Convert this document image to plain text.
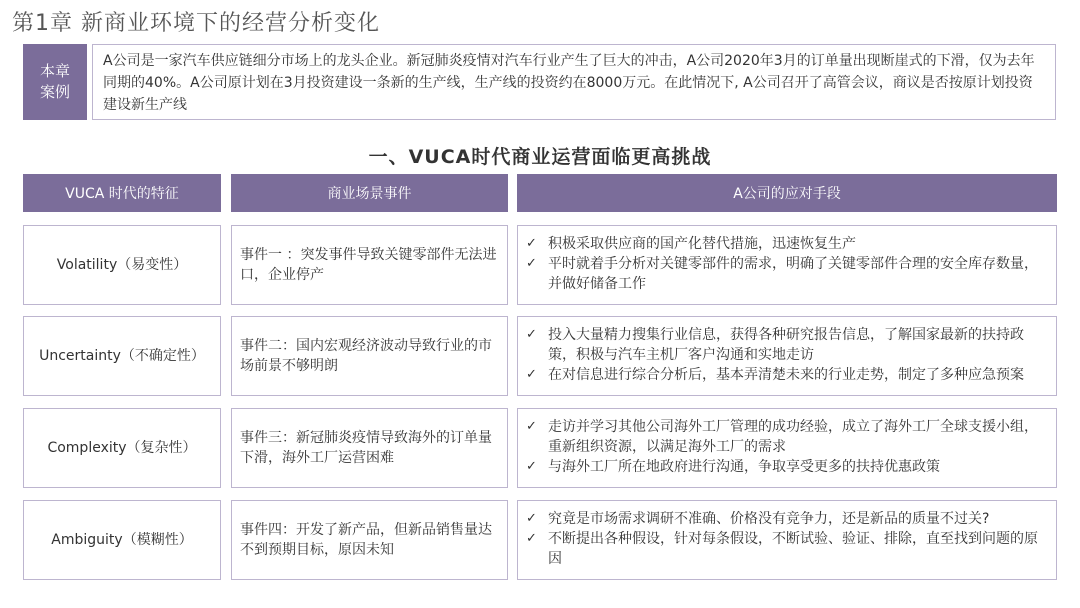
第1章 新商业环境下的经营分析变化
本章
案例
A公司是一家汽车供应链细分市场上的龙头企业。新冠肺炎疫情对汽车行业产生了巨大的冲击，A公司2020年3月的订单量出现断崖式的下滑，仅为去年同期的40%。A公司原计划在3月投资建设一条新的生产线，生产线的投资约在8000万元。在此情况下, A公司召开了高管会议，商议是否按原计划投资建设新生产线
一、VUCA时代商业运营面临更高挑战
VUCA 时代的特征	商业场景事件	A公司的应对手段
Volatility（易变性）
事件一 ：突发事件导致关键零部件无法进口，企业停产
✓ 积极采取供应商的国产化替代措施，迅速恢复生产
✓ 平时就着手分析对关键零部件的需求，明确了关键零部件合理的安全库存数量，并做好储备工作
Uncertainty（不确定性）
事件二：国内宏观经济波动导致行业的市场前景不够明朗
✓ 投入大量精力搜集行业信息，获得各种研究报告信息，了解国家最新的扶持政策，积极与汽车主机厂客户沟通和实地走访
✓ 在对信息进行综合分析后，基本弄清楚未来的行业走势，制定了多种应急预案
Complexity（复杂性）
事件三：新冠肺炎疫情导致海外的订单量下滑，海外工厂运营困难
✓ 走访并学习其他公司海外工厂管理的成功经验，成立了海外工厂全球支援小组，重新组织资源，以满足海外工厂的需求
✓ 与海外工厂所在地政府进行沟通，争取享受更多的扶持优惠政策
Ambiguity（模糊性）
事件四：开发了新产品，但新品销售量达不到预期目标，原因未知
✓ 究竟是市场需求调研不准确、价格没有竞争力，还是新品的质量不过关?
✓ 不断提出各种假设，针对每条假设，不断试验、验证、排除，直至找到问题的原因
